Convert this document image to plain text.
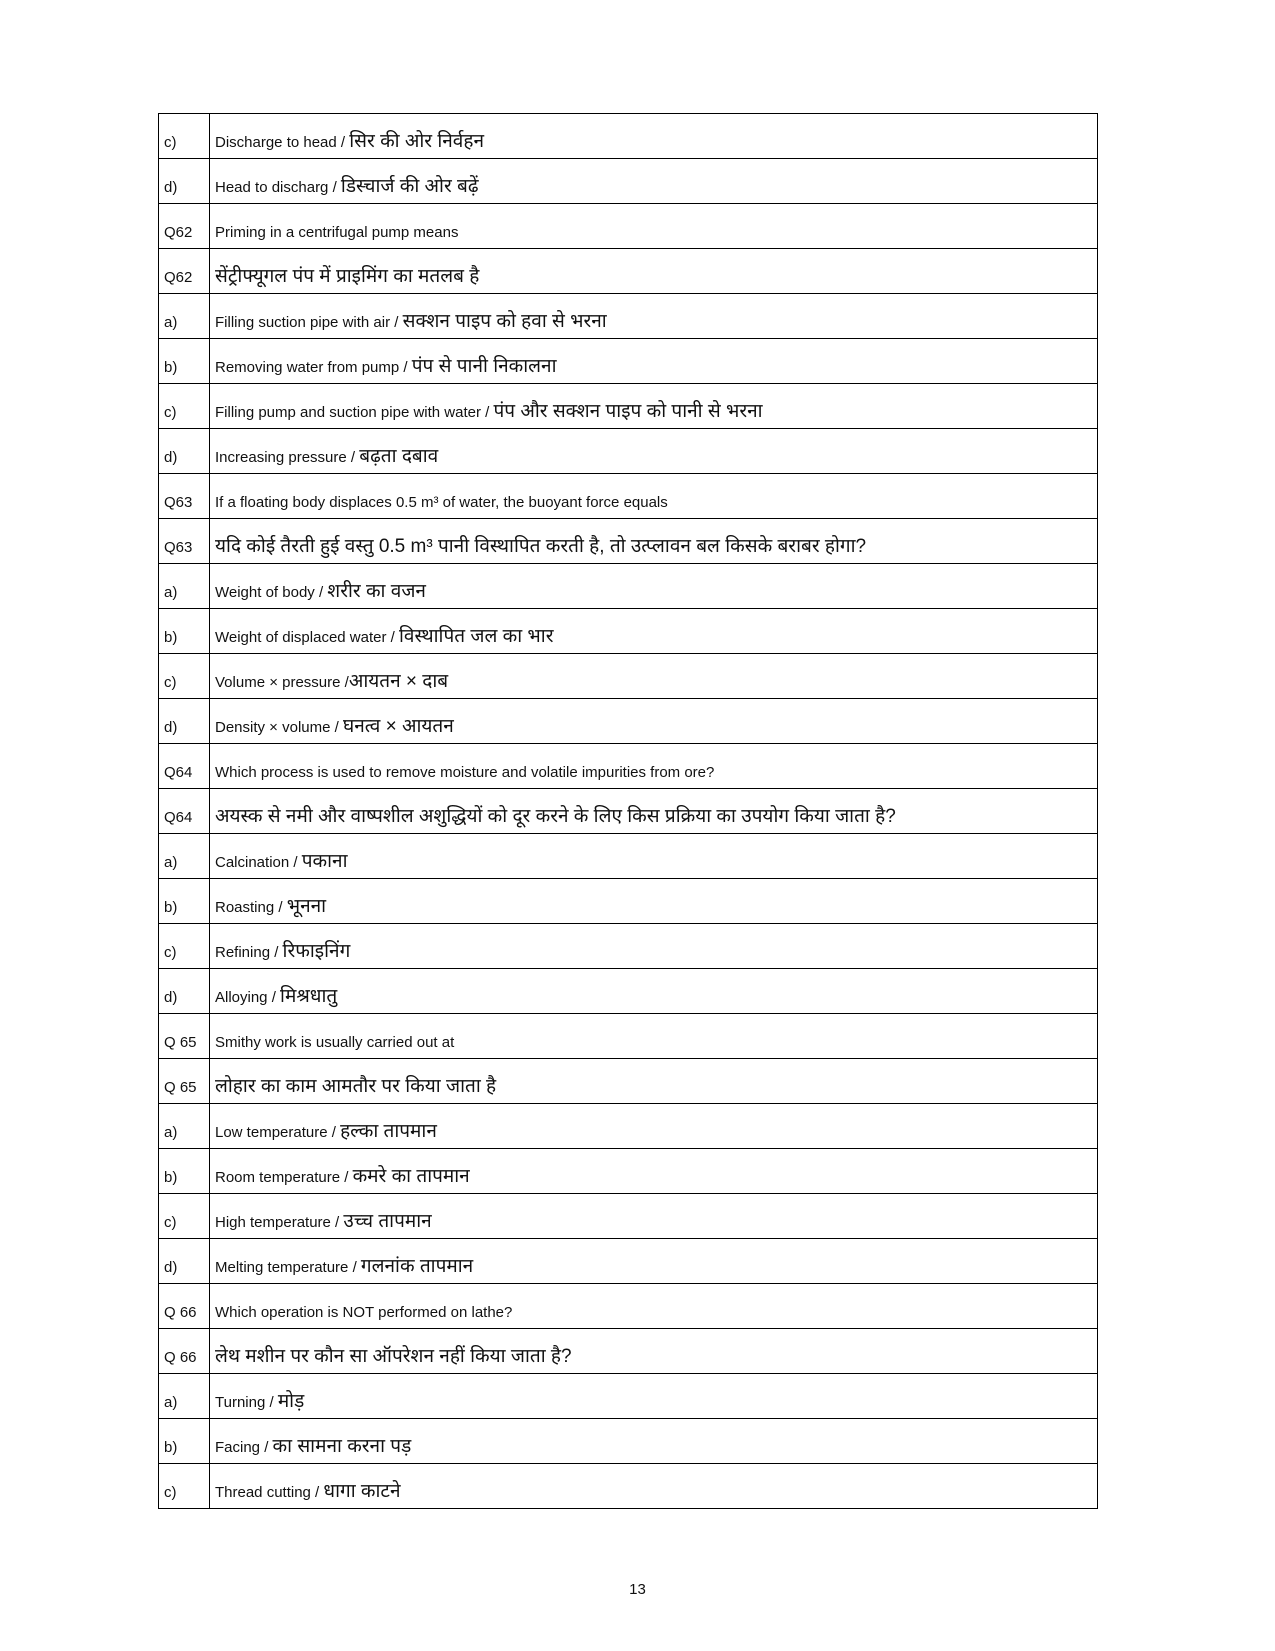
c)	Discharge to head / सिर की ओर निर्वहन
d)	Head to discharg / डिस्चार्ज की ओर बढ़ें
Q62	Priming in a centrifugal pump means
Q62	सेंट्रीफ्यूगल पंप में प्राइमिंग का मतलब है
a)	Filling suction pipe with air / सक्शन पाइप को हवा से भरना
b)	Removing water from pump / पंप से पानी निकालना
c)	Filling pump and suction pipe with water / पंप और सक्शन पाइप को पानी से भरना
d)	Increasing pressure / बढ़ता दबाव
Q63	If a floating body displaces 0.5 m³ of water, the buoyant force equals
Q63	यदि कोई तैरती हुई वस्तु 0.5 m³ पानी विस्थापित करती है, तो उत्प्लावन बल किसके बराबर होगा?
a)	Weight of body / शरीर का वजन
b)	Weight of displaced water / विस्थापित जल का भार
c)	Volume × pressure /आयतन × दाब
d)	Density × volume / घनत्व × आयतन
Q64	Which process is used to remove moisture and volatile impurities from ore?
Q64	अयस्क से नमी और वाष्पशील अशुद्धियों को दूर करने के लिए किस प्रक्रिया का उपयोग किया जाता है?
a)	Calcination / पकाना
b)	Roasting / भूनना
c)	Refining / रिफाइनिंग
d)	Alloying / मिश्रधातु
Q 65	Smithy work is usually carried out at
Q 65	लोहार का काम आमतौर पर किया जाता है
a)	Low temperature / हल्का तापमान
b)	Room temperature / कमरे का तापमान
c)	High temperature / उच्च तापमान
d)	Melting temperature / गलनांक तापमान
Q 66	Which operation is NOT performed on lathe?
Q 66	लेथ मशीन पर कौन सा ऑपरेशन नहीं किया जाता है?
a)	Turning / मोड़
b)	Facing / का सामना करना पड़
c)	Thread cutting / धागा काटने
13
